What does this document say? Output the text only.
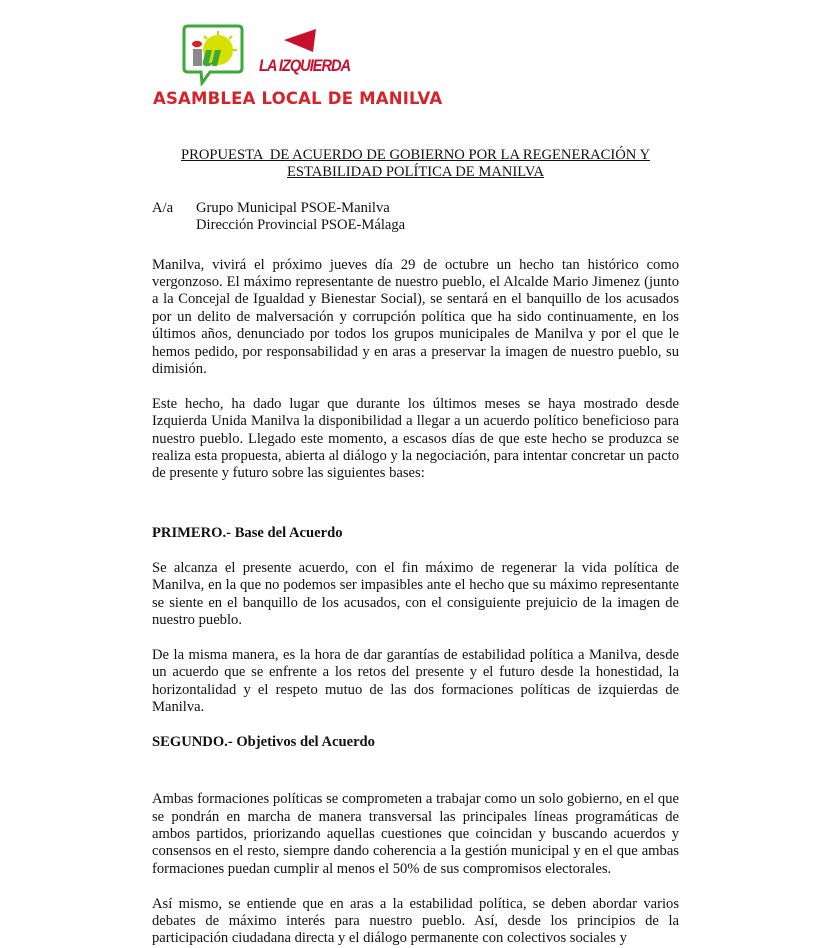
LA IZQUIERDA
ASAMBLEA LOCAL DE MANILVA
PROPUESTA  DE ACUERDO DE GOBIERNO POR LA REGENERACIÓN Y
ESTABILIDAD POLÍTICA DE MANILVA
A/a	Grupo Municipal PSOE-Manilva
Dirección Provincial PSOE-Málaga

Manilva, vivirá el próximo jueves día 29 de octubre un hecho tan histórico como vergonzoso. El máximo representante de nuestro pueblo, el Alcalde Mario Jimenez (junto a la Concejal de Igualdad y Bienestar Social), se sentará en el banquillo de los acusados por un delito de malversación y corrupción política que ha sido continuamente, en los últimos años, denunciado por todos los grupos municipales de Manilva y por el que le hemos pedido, por responsabilidad y en aras a preservar la imagen de nuestro pueblo, su dimisión.

Este hecho, ha dado lugar que durante los últimos meses se haya mostrado desde Izquierda Unida Manilva la disponibilidad a llegar a un acuerdo político beneficioso para nuestro pueblo. Llegado este momento, a escasos días de que este hecho se produzca se realiza esta propuesta, abierta al diálogo y la negociación, para intentar concretar un pacto de presente y futuro sobre las siguientes bases:

PRIMERO.- Base del Acuerdo

Se alcanza el presente acuerdo, con el fin máximo de regenerar la vida política de Manilva, en la que no podemos ser impasibles ante el hecho que su máximo representante se siente en el banquillo de los acusados, con el consiguiente prejuicio de la imagen de nuestro pueblo.

De la misma manera, es la hora de dar garantías de estabilidad política a Manilva, desde un acuerdo que se enfrente a los retos del presente y el futuro desde la honestidad, la horizontalidad y el respeto mutuo de las dos formaciones políticas de izquierdas de Manilva.

SEGUNDO.- Objetivos del Acuerdo

Ambas formaciones políticas se comprometen a trabajar como un solo gobierno, en el que se pondrán en marcha de manera transversal las principales líneas programáticas de ambos partidos, priorizando aquellas cuestiones que coincidan y buscando acuerdos y consensos en el resto, siempre dando coherencia a la gestión municipal y en el que ambas formaciones puedan cumplir al menos el 50% de sus compromisos electorales.

Así mismo, se entiende que en aras a la estabilidad política, se deben abordar varios debates de máximo interés para nuestro pueblo. Así, desde los principios de la participación ciudadana directa y el diálogo permanente con colectivos sociales y
